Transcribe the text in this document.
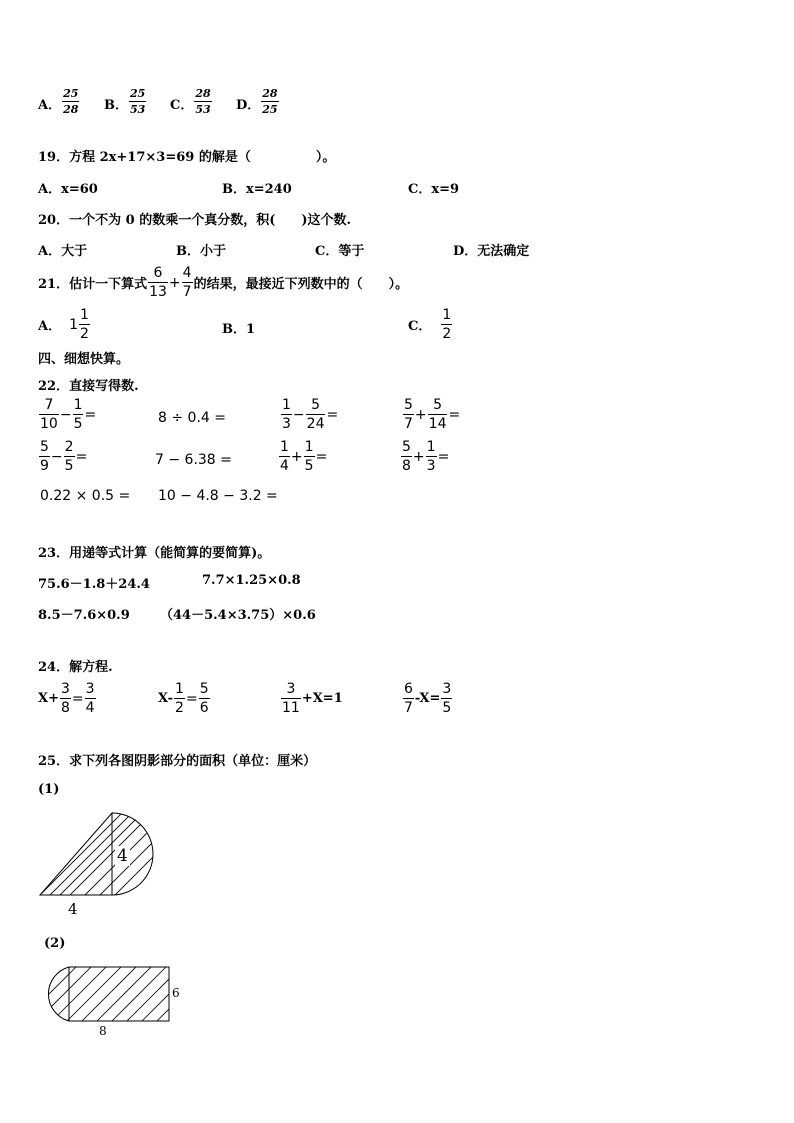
A． $\frac{25}{28}$ B． $\frac{25}{53}$ C． $\frac{28}{53}$ D． $\frac{28}{25}$
19．方程 2x+17×3=69 的解是（　　　　　）。
A．x=60	B．x=240	C．x=9
20．一个不为 0 的数乘一个真分数，积(　　)这个数.
A．大于	B．小于	C．等于	D．无法确定
21．估计一下算式 $\frac{6}{13} + \frac{4}{7}$ 的结果，最接近下列数中的（　　）。
A． $1 \frac{1}{2}$	B．1	C． $\frac{1}{2}$
四、细想快算。
22．直接写得数.
$\frac{7}{10} - \frac{1}{5}$ =	8 ÷ 0.4 =	$\frac{1}{3} - \frac{5}{24}$ =	$\frac{5}{7} + \frac{5}{14}$ =
$\frac{5}{9} - \frac{2}{5}$ =	7 − 6.38 =	$\frac{1}{4} + \frac{1}{5}$ =	$\frac{5}{8} + \frac{1}{3}$ =
0.22 × 0.5 = 10 − 4.8 − 3.2 =
23．用递等式计算（能简算的要简算)。
75.6－1.8＋24.4	7.7×1.25×0.8
8.5－7.6×0.9 （44－5.4×3.75）×0.6
24．解方程.
$X+ \frac{3}{8} = \frac{3}{4}$	$X- \frac{1}{2} = \frac{5}{6}$	$\frac{3}{11} +X=1$	$\frac{6}{7} -X= \frac{3}{5}$
25．求下列各图阴影部分的面积（单位：厘米）
(1)
4
4
(2)
6
8
